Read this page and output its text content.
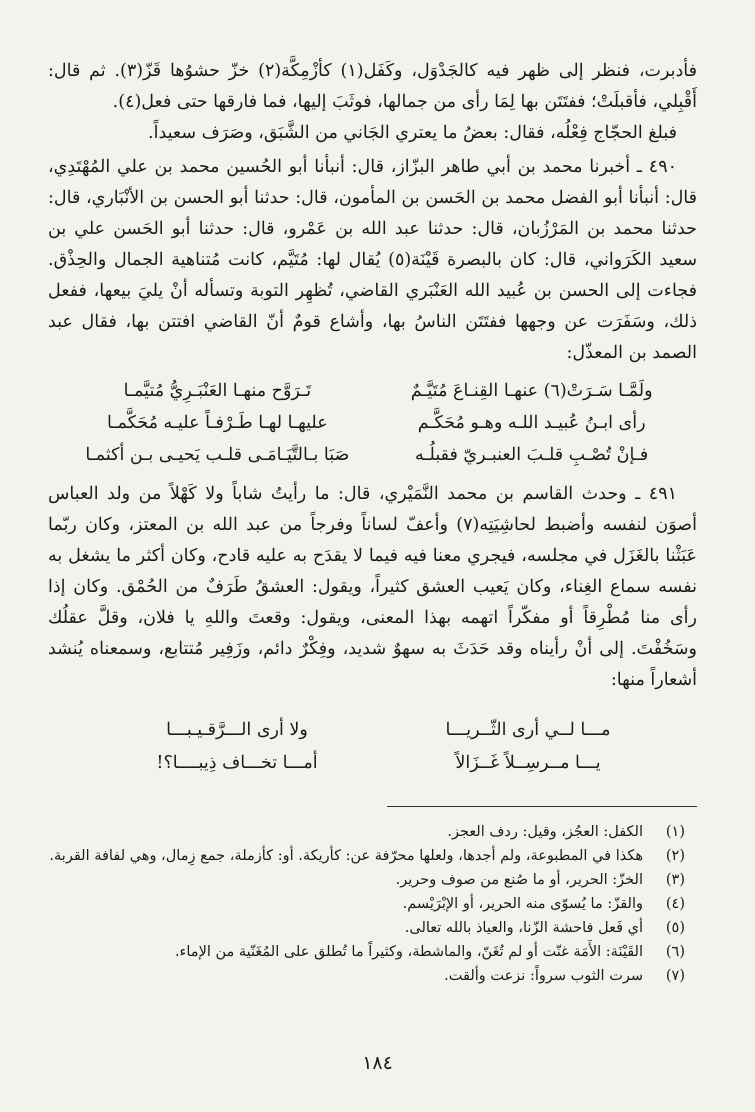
فأدبرت، فنظر إلى ظهر فيه كالجَدْوَل، وكَفَل(١) كأزْمِكَّة(٢) خزّ حشوُها قَزّ(٣). ثم قال: أَقْبِلي، فأقبلَتْ؛ ففتَتَن بها لِمَا رأى من جمالها، فوثَبَ إليها، فما فارقها حتى فعل(٤).

فبلغ الحجّاج فِعْلُه، فقال: بعضُ ما يعتري الجَاني من الشَّبَق، وصَرَف سعيداً.

٤٩٠ ـ أخبرنا محمد بن أبي طاهر البزّاز، قال: أنبأنا أبو الحُسين محمد بن علي المُهْتَدِي، قال: أنبأنا أبو الفضل محمد بن الحَسن بن المأمون، قال: حدثنا أبو الحسن بن الأنْبَاري، قال: حدثنا محمد بن المَرْزُبان، قال: حدثنا عبد الله بن عَمْرو، قال: حدثنا أبو الحَسن علي بن سعيد الكَرَواني، قال: كان بالبصرة قَيْنَة(٥) يُقال لها: مُتَيَّم، كانت مُتناهية الجمال والحِذْق. فجاءت إلى الحسن بن عُبيد الله العَنْبَري القاضي، تُظهِر التوبة وتسأله أنْ يليَ بيعها، ففعل ذلك، وسَفَرَت عن وجهها ففتَتَن الناسُ بها، وأشاع قومٌ أنّ القاضي افتتن بها، فقال عبد الصمد بن المعذّل:

ولَمَّـا سَـرَتْ(٦) عنهـا القِنـاعَ مُتَيَّـمٌ
تَـرَوَّح منهـا العَنْبَـرِيُّ مُتيَّمـا
رأى ابـنُ عُبيـد اللـه وهـو مُحَكَّـم
عليهـا لهـا طَـرْفـاً عليـه مُحَكَّمـا
فـإنْ تُصْـبِ قلـبَ العنبـريّ فقبلُـه
صَبَا بـالتَّيَـامَـى قلـب يَحيـى بـن أكثمـا

٤٩١ ـ وحدث القاسم بن محمد النَّمَيْري، قال: ما رأيتُ شاباً ولا كَهْلاً من ولد العباس أصوَن لنفسه وأضبط لحاشِيَتِه(٧) وأعفّ لساناً وفرجاً من عبد الله بن المعتز، وكان ربّما عَبَثْنا بالغَزَل في مجلسه، فيجري معنا فيه فيما لا يقدَح به عليه قادح، وكان أكثر ما يشغل به نفسه سماع الغِناء، وكان يَعيب العشق كثيراً، ويقول: العشقُ طَرَفٌ من الحُمْق. وكان إذا رأى منا مُطْرِقاً أو مفكّراً اتهمه بهذا المعنى، ويقول: وقعتَ واللهِ يا فلان، وقلَّ عقلُك وسَخُفْتَ. إلى أنْ رأيناه وقد حَدَثَ به سهوٌ شديد، وفِكْرٌ دائم، وزَفِير مُتتابع، وسمعناه يُنشد أشعاراً منها:

مـــا لــي أرى الثّــريـــا
ولا أرى الـــرَّقـيـبـــا
يـــا مــرسِــلاً غَــزَالاً
أمـــا تخـــاف ذِيبــــا؟!
(١)
الكفل: العجُز، وقيل: ردف العجز.
(٢)
هكذا في المطبوعة، ولم أجدها، ولعلها محرّفة عن: كأريكة. أو: كأزملة، جمع زِمال، وهي لفافة القربة.
(٣)
الخزّ: الحرير، أو ما صُنع من صوف وحرير.
(٤)
والقزّ: ما يُسوّى منه الحرير، أو الإبْرَيْسم.
(٥)
أي فَعل فاحشة الزّنا، والعياذ بالله تعالى.
(٦)
القَيْنَة: الأَمَة غنّت أو لم تُغَنّ، والماشطة، وكثيراً ما تُطلق على المُغَنّية من الإماء.
(٧)
سرت الثوب سرواً: نزعت وألقت.
١٨٤
